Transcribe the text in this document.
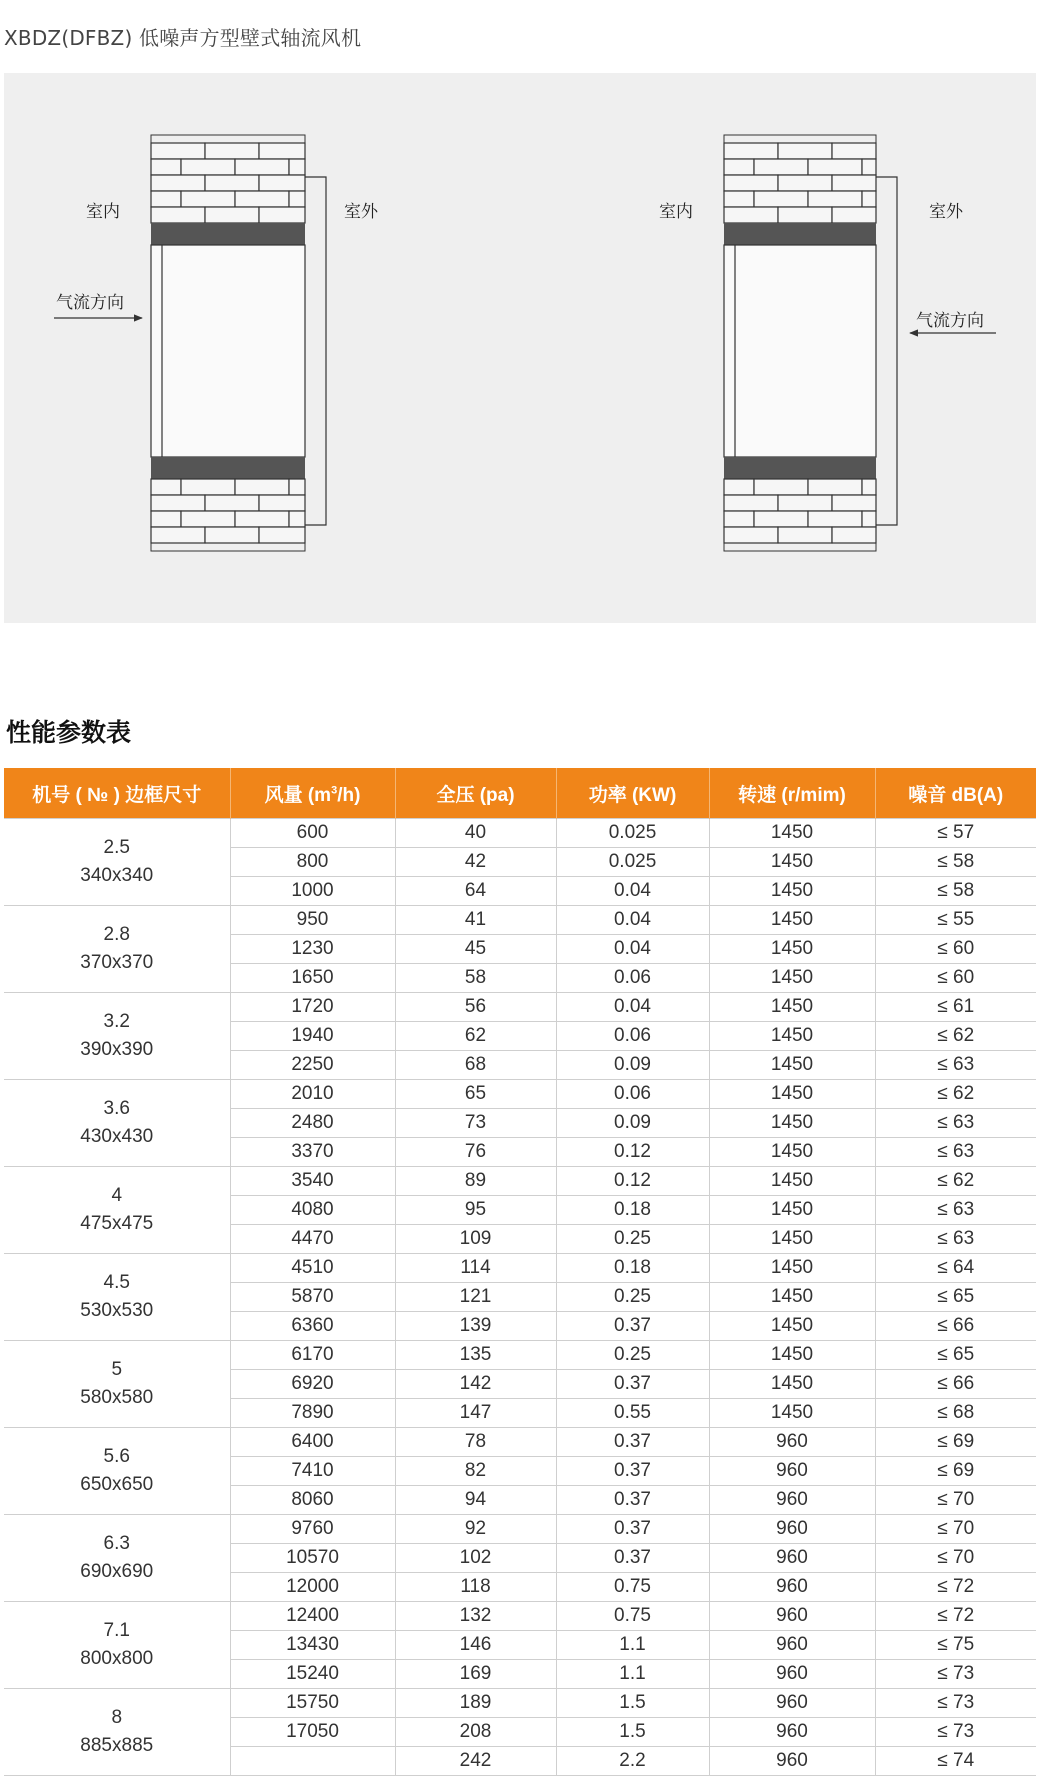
XBDZ(DFBZ) 低噪声方型壁式轴流风机
室内	室外
气流方向
室内	室外
气流方向
性能参数表
机号 ( № ) 边框尺寸	风量 $(m^3/h)$	全压 (pa)	功率 (KW)	转速 (r/mim)	噪音 dB(A)

2.5
340x340	600	40	0.025	1450	≤ 57
	800	42	0.025	1450	≤ 58
	1000	64	0.04	1450	≤ 58

2.8
370x370	950	41	0.04	1450	≤ 55
	1230	45	0.04	1450	≤ 60
	1650	58	0.06	1450	≤ 60

3.2
390x390	1720	56	0.04	1450	≤ 61
	1940	62	0.06	1450	≤ 62
	2250	68	0.09	1450	≤ 63

3.6
430x430	2010	65	0.06	1450	≤ 62
	2480	73	0.09	1450	≤ 63
	3370	76	0.12	1450	≤ 63

4
475x475	3540	89	0.12	1450	≤ 62
	4080	95	0.18	1450	≤ 63
	4470	109	0.25	1450	≤ 63

4.5
530x530	4510	114	0.18	1450	≤ 64
	5870	121	0.25	1450	≤ 65
	6360	139	0.37	1450	≤ 66

5
580x580	6170	135	0.25	1450	≤ 65
	6920	142	0.37	1450	≤ 66
	7890	147	0.55	1450	≤ 68

5.6
650x650	6400	78	0.37	960	≤ 69
	7410	82	0.37	960	≤ 69
	8060	94	0.37	960	≤ 70

6.3
690x690	9760	92	0.37	960	≤ 70
	10570	102	0.37	960	≤ 70
	12000	118	0.75	960	≤ 72

7.1
800x800	12400	132	0.75	960	≤ 72
	13430	146	1.1	960	≤ 75
	15240	169	1.1	960	≤ 73

8
885x885	15750	189	1.5	960	≤ 73
	17050	208	1.5	960	≤ 73
		242	2.2	960	≤ 74
